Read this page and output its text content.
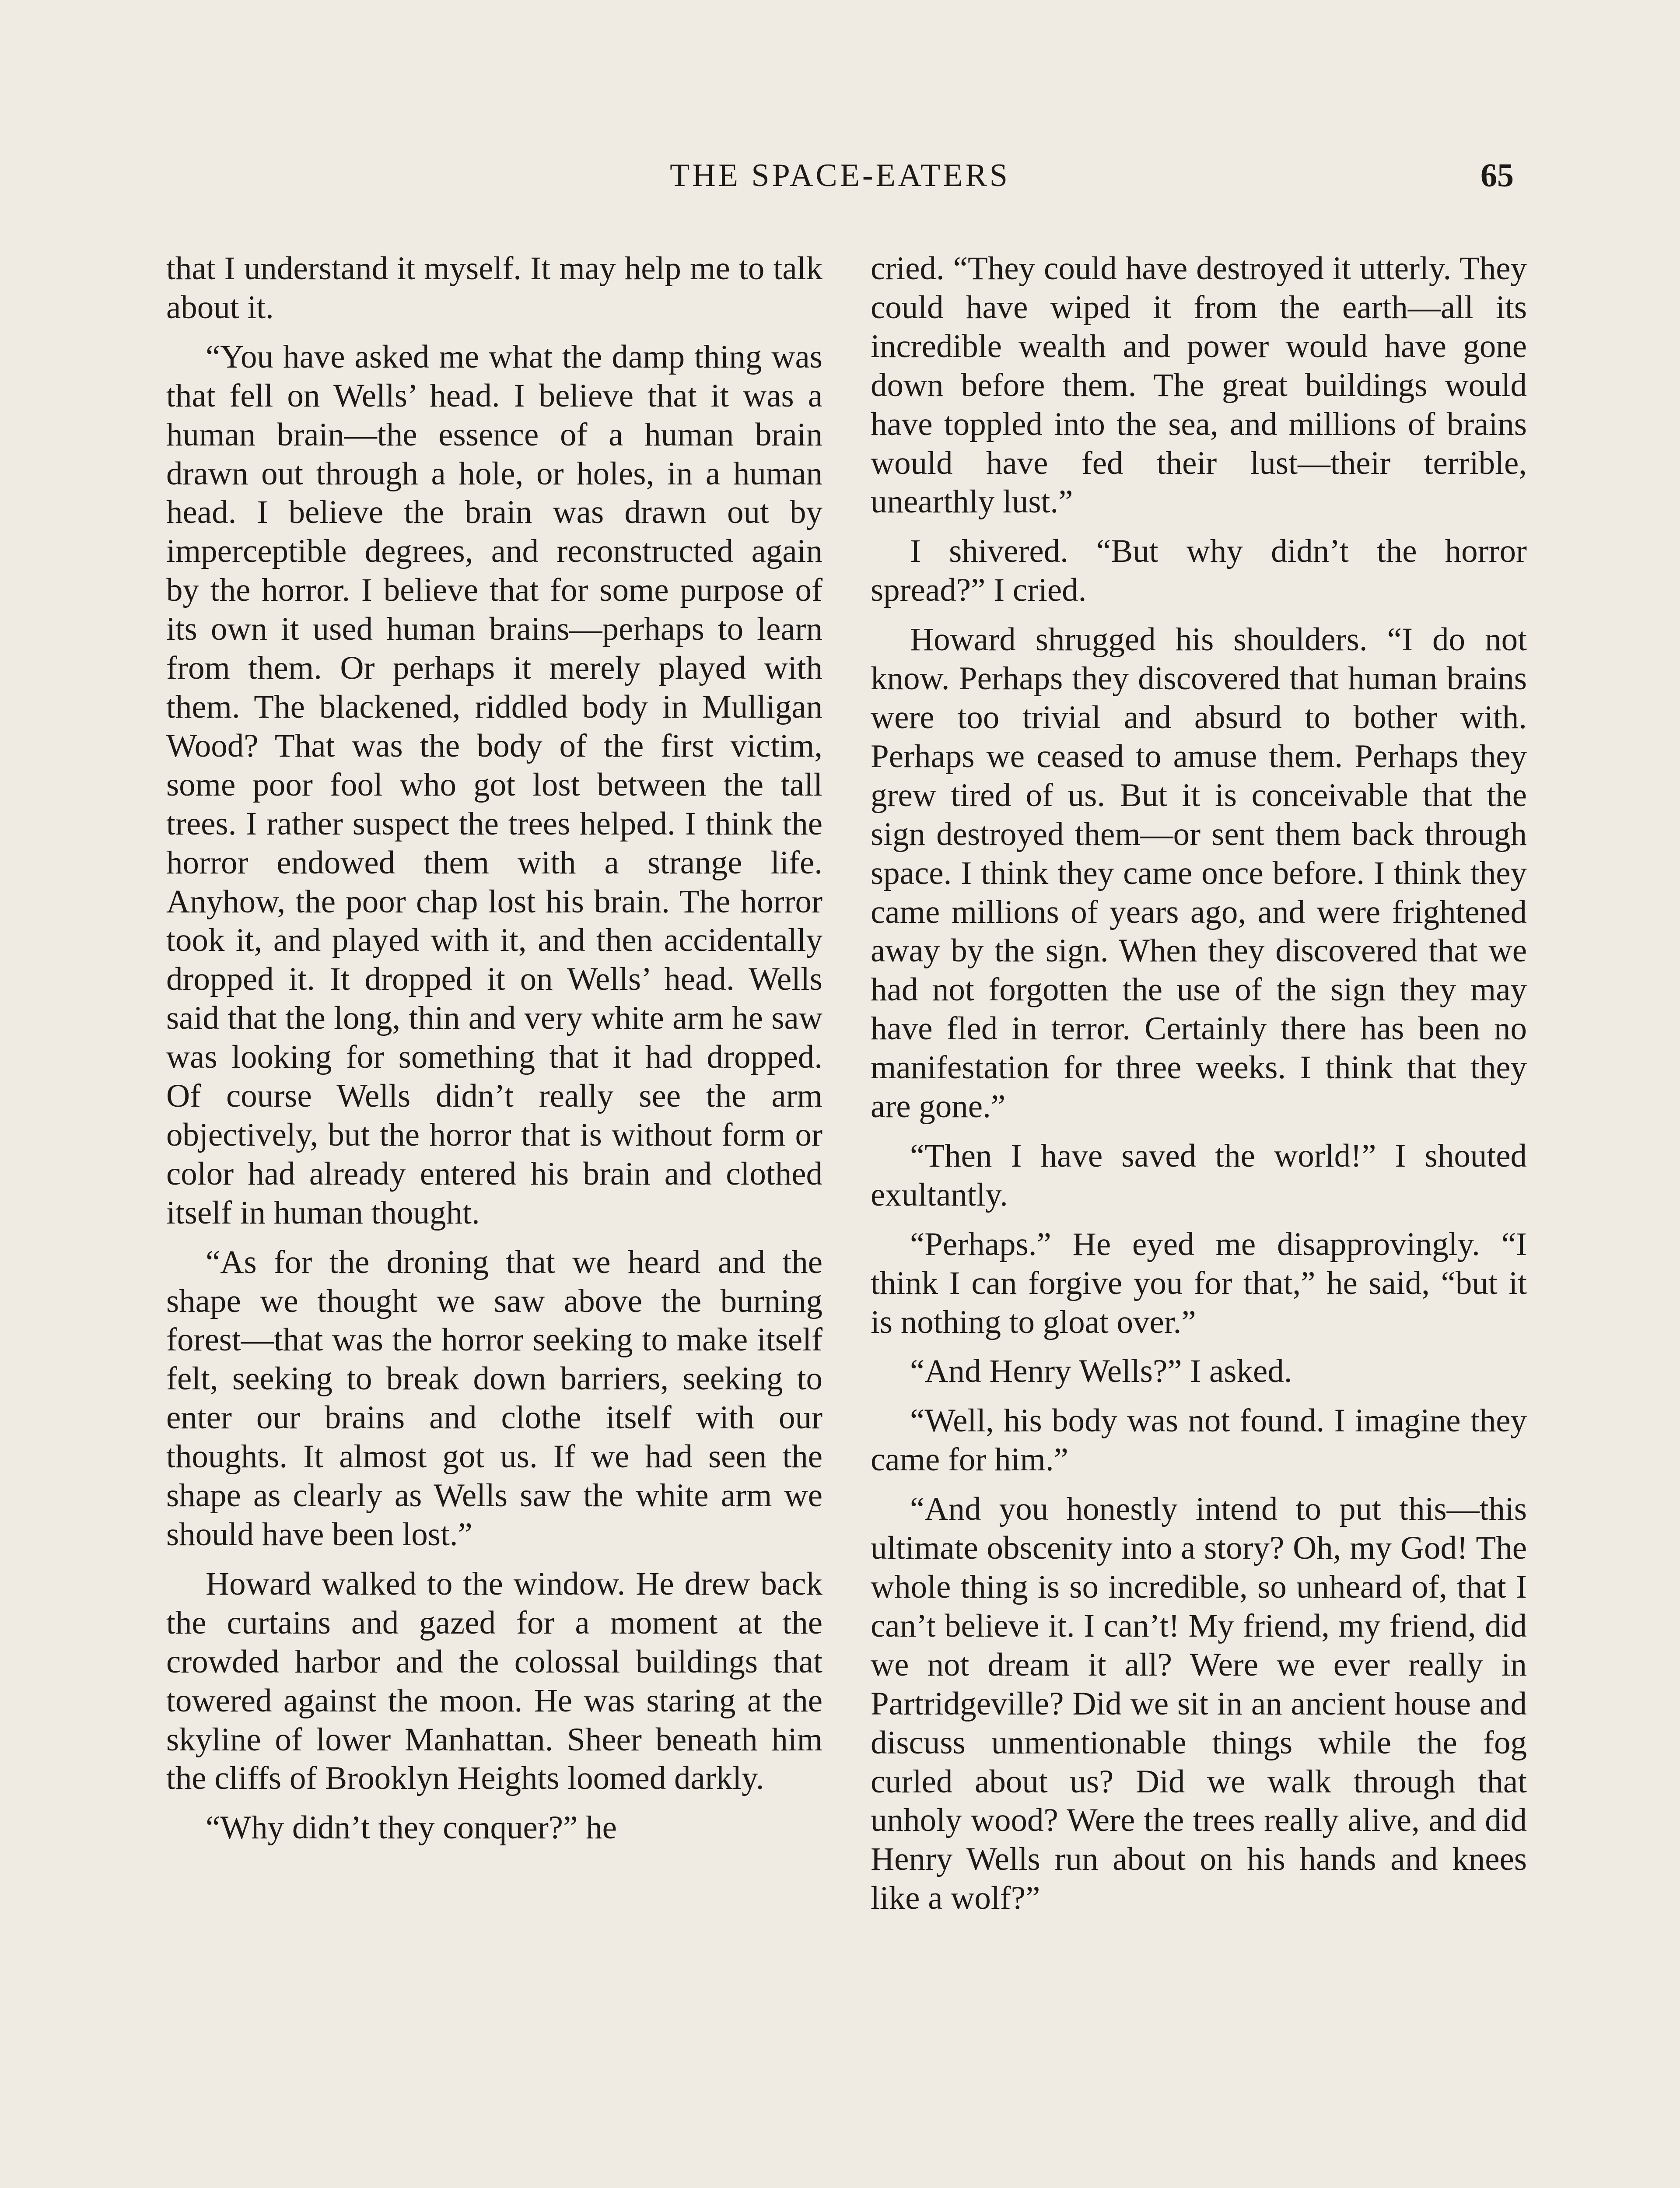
THE SPACE-EATERS	65

that I understand it myself. It may help me to talk about it.

“You have asked me what the damp thing was that fell on Wells’ head. I believe that it was a human brain—the essence of a human brain drawn out through a hole, or holes, in a human head. I believe the brain was drawn out by imperceptible degrees, and reconstructed again by the horror. I believe that for some purpose of its own it used human brains—perhaps to learn from them. Or perhaps it merely played with them. The blackened, riddled body in Mulligan Wood? That was the body of the first victim, some poor fool who got lost between the tall trees. I rather suspect the trees helped. I think the horror endowed them with a strange life. Anyhow, the poor chap lost his brain. The horror took it, and played with it, and then accidentally dropped it. It dropped it on Wells’ head. Wells said that the long, thin and very white arm he saw was looking for something that it had dropped. Of course Wells didn’t really see the arm objectively, but the horror that is without form or color had already entered his brain and clothed itself in human thought.

“As for the droning that we heard and the shape we thought we saw above the burning forest—that was the horror seeking to make itself felt, seeking to break down barriers, seeking to enter our brains and clothe itself with our thoughts. It almost got us. If we had seen the shape as clearly as Wells saw the white arm we should have been lost.”

Howard walked to the window. He drew back the curtains and gazed for a moment at the crowded harbor and the colossal buildings that towered against the moon. He was staring at the skyline of lower Manhattan. Sheer beneath him the cliffs of Brooklyn Heights loomed darkly.

“Why didn’t they conquer?” he

cried. “They could have destroyed it utterly. They could have wiped it from the earth—all its incredible wealth and power would have gone down before them. The great buildings would have toppled into the sea, and millions of brains would have fed their lust—their terrible, unearthly lust.”

I shivered. “But why didn’t the horror spread?” I cried.

Howard shrugged his shoulders. “I do not know. Perhaps they discovered that human brains were too trivial and absurd to bother with. Perhaps we ceased to amuse them. Perhaps they grew tired of us. But it is conceivable that the sign destroyed them—or sent them back through space. I think they came once before. I think they came millions of years ago, and were frightened away by the sign. When they discovered that we had not forgotten the use of the sign they may have fled in terror. Certainly there has been no manifestation for three weeks. I think that they are gone.”

“Then I have saved the world!” I shouted exultantly.

“Perhaps.” He eyed me disapprovingly. “I think I can forgive you for that,” he said, “but it is nothing to gloat over.”

“And Henry Wells?” I asked.

“Well, his body was not found. I imagine they came for him.”

“And you honestly intend to put this—this ultimate obscenity into a story? Oh, my God! The whole thing is so incredible, so unheard of, that I can’t believe it. I can’t! My friend, my friend, did we not dream it all? Were we ever really in Partridgeville? Did we sit in an ancient house and discuss unmentionable things while the fog curled about us? Did we walk through that unholy wood? Were the trees really alive, and did Henry Wells run about on his hands and knees like a wolf?”
